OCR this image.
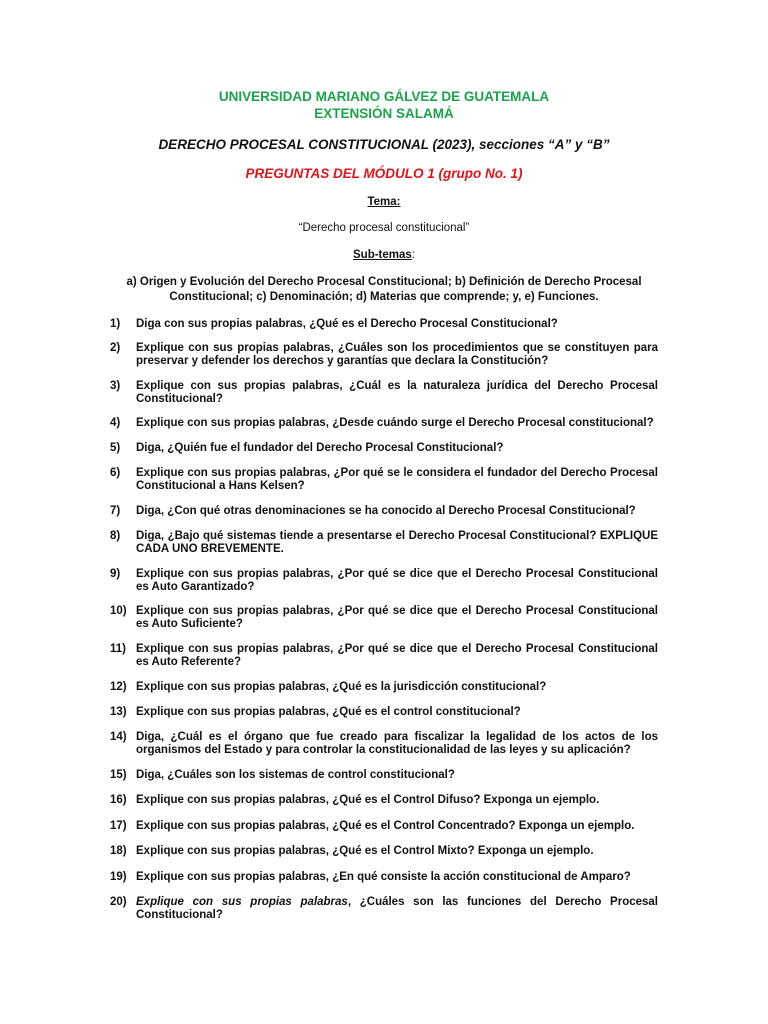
UNIVERSIDAD MARIANO GÁLVEZ DE GUATEMALA
EXTENSIÓN SALAMÁ
DERECHO PROCESAL CONSTITUCIONAL (2023), secciones “A” y “B”
PREGUNTAS DEL MÓDULO 1 (grupo No. 1)
Tema:
“Derecho procesal constitucional”
Sub-temas:
a) Origen y Evolución del Derecho Procesal Constitucional; b) Definición de Derecho Procesal Constitucional; c) Denominación; d) Materias que comprende; y, e) Funciones.
1)	Diga con sus propias palabras, ¿Qué es el Derecho Procesal Constitucional?
2)	Explique con sus propias palabras, ¿Cuáles son los procedimientos que se constituyen para preservar y defender los derechos y garantías que declara la Constitución?
3)	Explique con sus propias palabras, ¿Cuál es la naturaleza jurídica del Derecho Procesal Constitucional?
4)	Explique con sus propias palabras, ¿Desde cuándo surge el Derecho Procesal constitucional?
5)	Diga, ¿Quién fue el fundador del Derecho Procesal Constitucional?
6)	Explique con sus propias palabras, ¿Por qué se le considera el fundador del Derecho Procesal Constitucional a Hans Kelsen?
7)	Diga, ¿Con qué otras denominaciones se ha conocido al Derecho Procesal Constitucional?
8)	Diga, ¿Bajo qué sistemas tiende a presentarse el Derecho Procesal Constitucional? EXPLIQUE CADA UNO BREVEMENTE.
9)	Explique con sus propias palabras, ¿Por qué se dice que el Derecho Procesal Constitucional es Auto Garantizado?
10) Explique con sus propias palabras, ¿Por qué se dice que el Derecho Procesal Constitucional es Auto Suficiente?
11) Explique con sus propias palabras, ¿Por qué se dice que el Derecho Procesal Constitucional es Auto Referente?
12) Explique con sus propias palabras, ¿Qué es la jurisdicción constitucional?
13) Explique con sus propias palabras, ¿Qué es el control constitucional?
14) Diga, ¿Cuál es el órgano que fue creado para fiscalizar la legalidad de los actos de los organismos del Estado y para controlar la constitucionalidad de las leyes y su aplicación?
15) Diga, ¿Cuáles son los sistemas de control constitucional?
16) Explique con sus propias palabras, ¿Qué es el Control Difuso? Exponga un ejemplo.
17) Explique con sus propias palabras, ¿Qué es el Control Concentrado? Exponga un ejemplo.
18) Explique con sus propias palabras, ¿Qué es el Control Mixto? Exponga un ejemplo.
19) Explique con sus propias palabras, ¿En qué consiste la acción constitucional de Amparo?
20) Explique con sus propias palabras, ¿Cuáles son las funciones del Derecho Procesal Constitucional?
